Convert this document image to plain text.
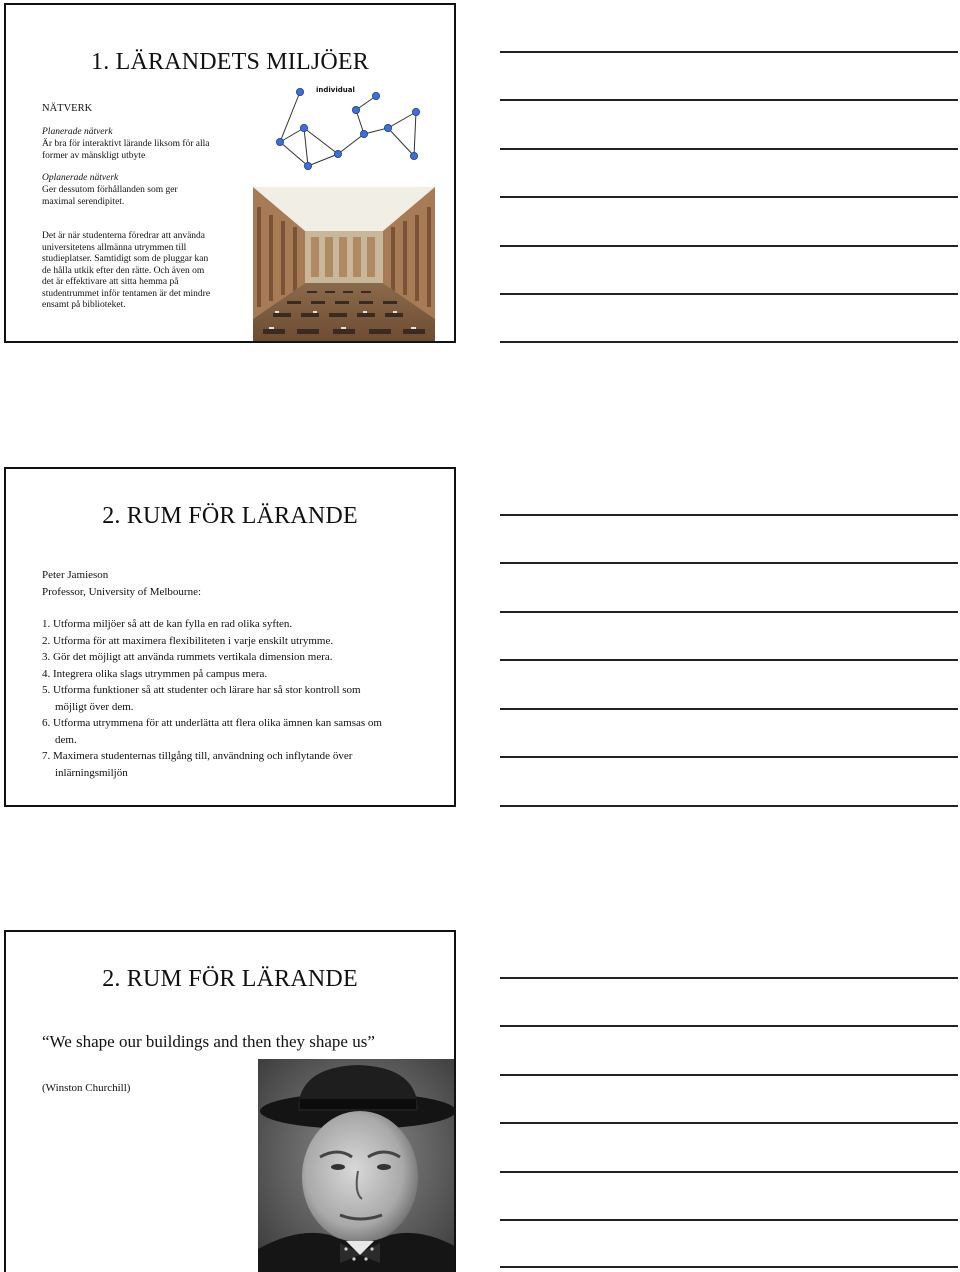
1. LÄRANDETS MILJÖER
NÄTVERK
Planerade nätverk
Är bra för interaktivt lärande liksom för alla
former av mänskligt utbyte
Oplanerade nätverk
Ger dessutom förhållanden som ger
maximal serendipitet.
Det är när studenterna föredrar att använda
universitetens allmänna utrymmen till
studieplatser. Samtidigt som de pluggar kan
de hålla utkik efter den rätte. Och även om
det är effektivare att sitta hemma på
studentrummet inför tentamen är det mindre
ensamt på biblioteket.
individual
2. RUM FÖR LÄRANDE
Peter Jamieson
Professor, University of Melbourne:
1. Utforma miljöer så att de kan fylla en rad olika syften.
2. Utforma för att maximera flexibiliteten i varje enskilt utrymme.
3. Gör det möjligt att använda rummets vertikala dimension mera.
4. Integrera olika slags utrymmen på campus mera.
5. Utforma funktioner så att studenter och lärare har så stor kontroll som
möjligt över dem.
6. Utforma utrymmena för att underlätta att flera olika ämnen kan samsas om
dem.
7. Maximera studenternas tillgång till, användning och inflytande över
inlärningsmiljön
2. RUM FÖR LÄRANDE
“We shape our buildings and then they shape us”
(Winston Churchill)
